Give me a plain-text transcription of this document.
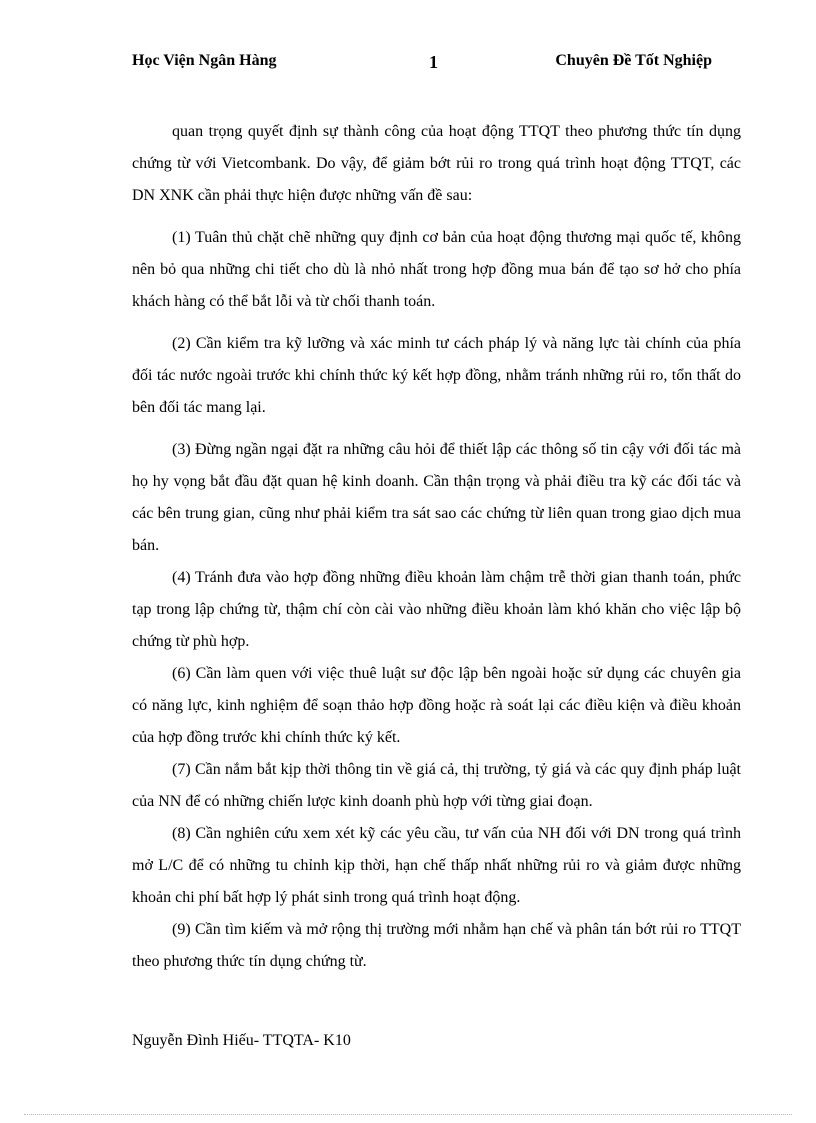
Học Viện Ngân Hàng	1	Chuyên Đề Tốt Nghiệp

quan trọng quyết định sự thành công của hoạt động TTQT theo phương thức tín dụng chứng từ với Vietcombank. Do vậy, để giảm bớt rủi ro trong quá trình hoạt động TTQT, các DN XNK cần phải thực hiện được những vấn đề sau:

(1) Tuân thủ chặt chẽ những quy định cơ bản của hoạt động thương mại quốc tế, không nên bỏ qua những chi tiết cho dù là nhỏ nhất trong hợp đồng mua bán để tạo sơ hở cho phía khách hàng có thể bắt lỗi và từ chối thanh toán.

(2) Cần kiểm tra kỹ lưỡng và xác minh tư cách pháp lý và năng lực tài chính của phía đối tác nước ngoài trước khi chính thức ký kết hợp đồng, nhằm tránh những rủi ro, tổn thất do bên đối tác mang lại.

(3) Đừng ngần ngại đặt ra những câu hỏi để thiết lập các thông số tin cậy với đối tác mà họ hy vọng bắt đầu đặt quan hệ kinh doanh. Cần thận trọng và phải điều tra kỹ các đối tác và các bên trung gian, cũng như phải kiểm tra sát sao các chứng từ liên quan trong giao dịch mua bán.

(4) Tránh đưa vào hợp đồng những điều khoản làm chậm trễ thời gian thanh toán, phức tạp trong lập chứng từ, thậm chí còn cài vào những điều khoản làm khó khăn cho việc lập bộ chứng từ phù hợp.

(6) Cần làm quen với việc thuê luật sư độc lập bên ngoài hoặc sử dụng các chuyên gia có năng lực, kinh nghiệm để soạn thảo hợp đồng hoặc rà soát lại các điều kiện và điều khoản của hợp đồng trước khi chính thức ký kết.

(7) Cần nắm bắt kịp thời thông tin về giá cả, thị trường, tỷ giá và các quy định pháp luật của NN để có những chiến lược kinh doanh phù hợp với từng giai đoạn.

(8) Cần nghiên cứu xem xét kỹ các yêu cầu, tư vấn của NH đối với DN trong quá trình mở L/C để có những tu chỉnh kịp thời, hạn chế thấp nhất những rủi ro và giảm được những khoản chi phí bất hợp lý phát sinh trong quá trình hoạt động.

(9) Cần tìm kiếm và mở rộng thị trường mới nhằm hạn chế và phân tán bớt rủi ro TTQT theo phương thức tín dụng chứng từ.

Nguyễn Đình Hiếu- TTQTA- K10
